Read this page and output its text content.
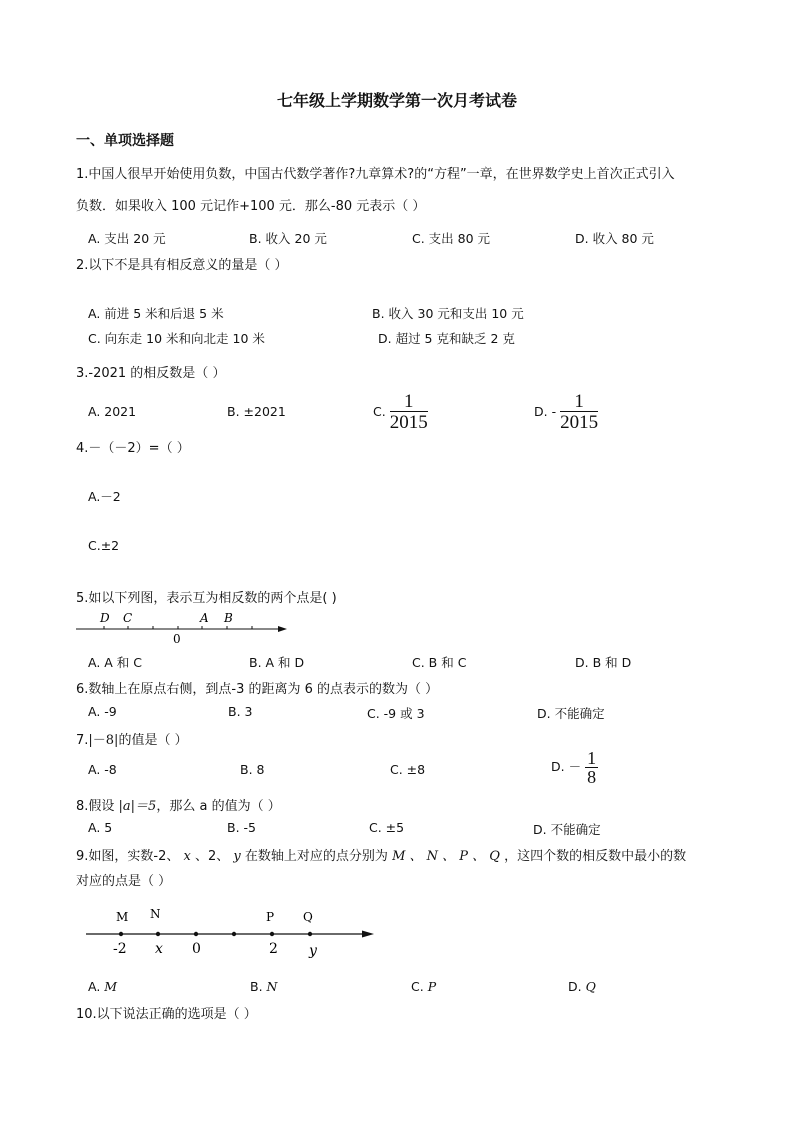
七年级上学期数学第一次月考试卷
一、单项选择题
1.中国人很早开始使用负数，中国古代数学著作?九章算术?的“方程”一章，在世界数学史上首次正式引入
负数．如果收入 100 元记作+100 元．那么-80 元表示（ ）
A. 支出 20 元	B. 收入 20 元	C. 支出 80 元	D. 收入 80 元
2.以下不是具有相反意义的量是（ ）
A. 前进 5 米和后退 5 米	B. 收入 30 元和支出 10 元
C. 向东走 10 米和向北走 10 米	D. 超过 5 克和缺乏 2 克
3.-2021 的相反数是（ ）
A. 2021	B. ±2021	C. $\frac{1}{2015}$	D. - $\frac{1}{2015}$
4.－（－2）=（ ）
A.－2
C.±2
5.如以下列图，表示互为相反数的两个点是( )
D C	A B
0
A. A 和 C	B. A 和 D	C. B 和 C	D. B 和 D
6.数轴上在原点右侧，到点-3 的距离为 6 的点表示的数为（ ）
A. -9	B. 3	C. -9 或 3	D. 不能确定
7.|－8|的值是（ ）
A. -8	B. 8	C. ±8	D. － $\frac{1}{8}$
8.假设 |a|＝5，那么 a 的值为（ ）
A. 5	B. -5	C. ±5	D. 不能确定
9.如图，实数-2、 x 、2、 y 在数轴上对应的点分别为 M 、 N 、 P 、 Q ，这四个数的相反数中最小的数
对应的点是（ ）
M N	P Q
-2 x 0	2 y
A. M	B. N	C. P	D. Q
10.以下说法正确的选项是（ ）
